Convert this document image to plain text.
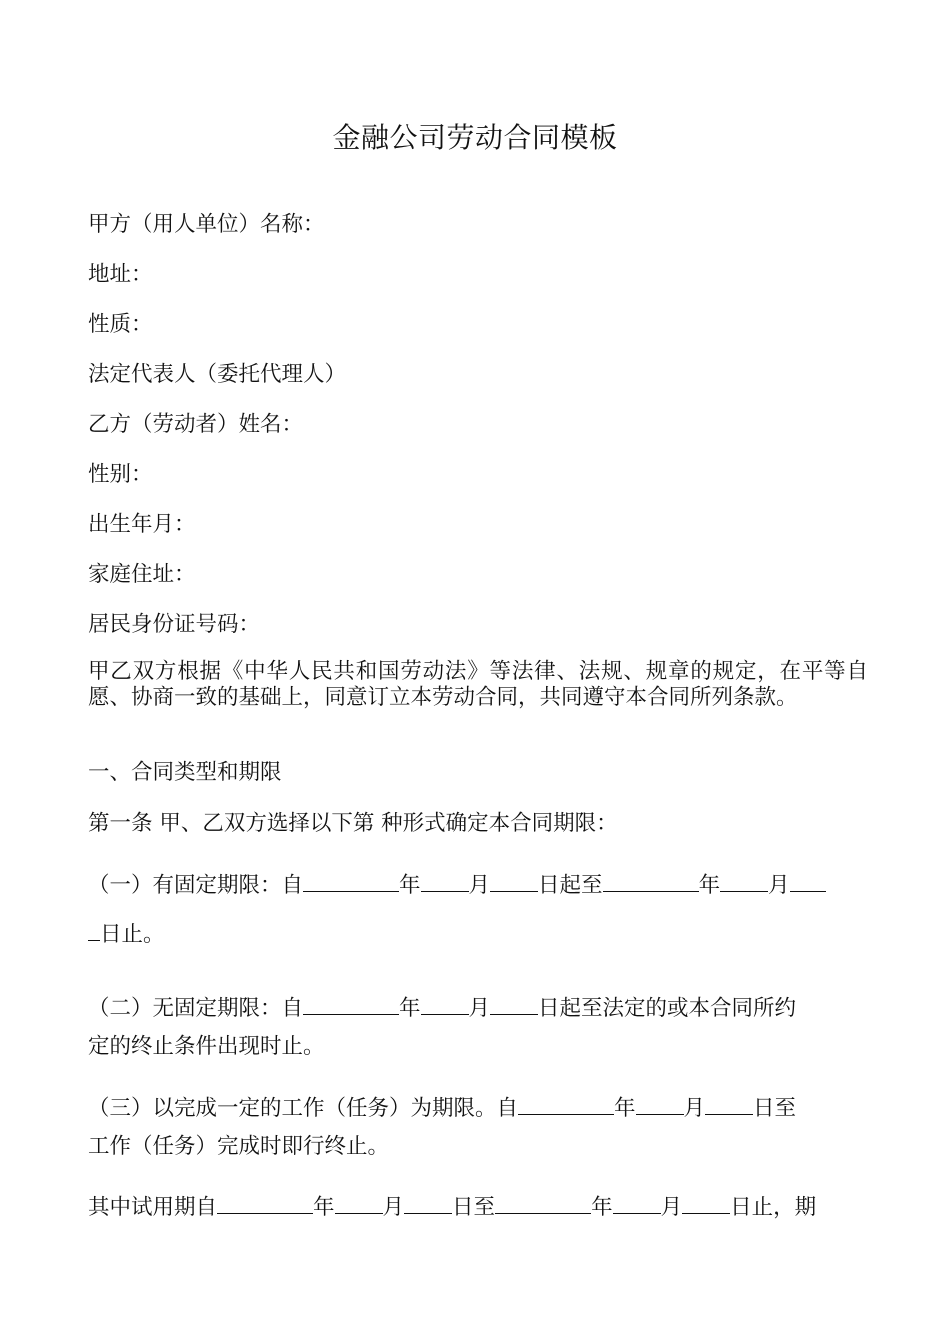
金融公司劳动合同模板
甲方（用人单位）名称：
地址：
性质：
法定代表人（委托代理人）
乙方（劳动者）姓名：
性别：
出生年月：
家庭住址：
居民身份证号码：
甲乙双方根据《中华人民共和国劳动法》等法律、法规、规章的规定，在平等自愿、协商一致的基础上，同意订立本劳动合同，共同遵守本合同所列条款。
一、合同类型和期限
第一条 甲、乙双方选择以下第 种形式确定本合同期限：
（一）有固定期限：自	年 月 日起至	年 月
日止。
（二）无固定期限：自	年 月 日起至法定的或本合同所约
定的终止条件出现时止。
（三）以完成一定的工作（任务）为期限。自	年 月 日至
工作（任务）完成时即行终止。
其中试用期自	年 月 日至	年 月 日止，期
